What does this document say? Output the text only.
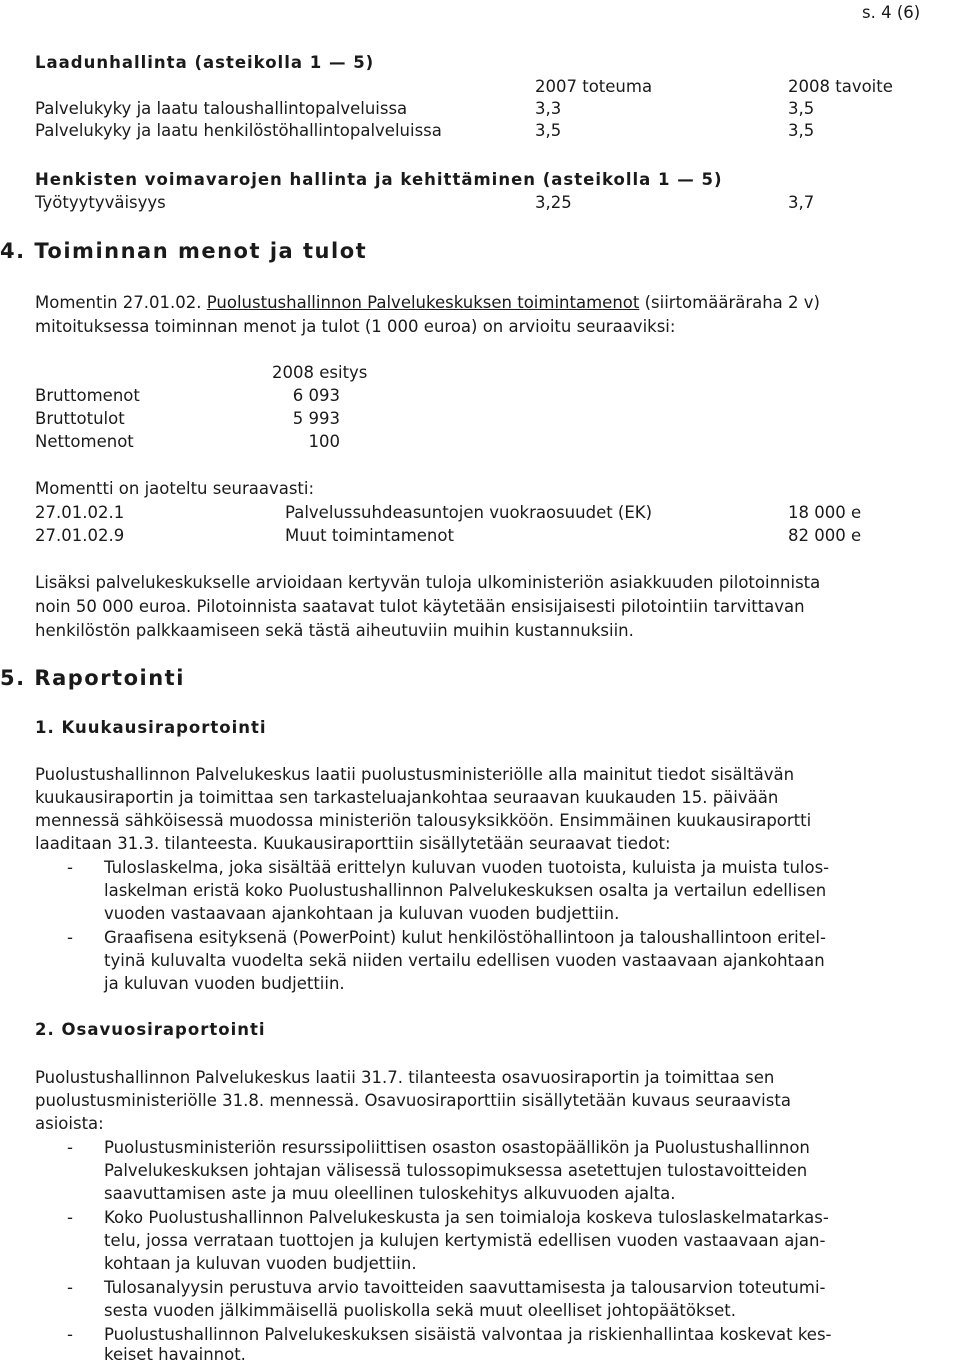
s. 4 (6)
Laadunhallinta (asteikolla 1 — 5)
2007 toteuma	2008 tavoite
Palvelukyky ja laatu taloushallintopalveluissa	3,3	3,5
Palvelukyky ja laatu henkilöstöhallintopalveluissa	3,5	3,5
Henkisten voimavarojen hallinta ja kehittäminen (asteikolla 1 — 5)
Työtyytyväisyys	3,25	3,7
4. Toiminnan menot ja tulot
Momentin 27.01.02. Puolustushallinnon Palvelukeskuksen toimintamenot (siirtomääräraha 2 v)
mitoituksessa toiminnan menot ja tulot (1 000 euroa) on arvioitu seuraaviksi:
2008 esitys
Bruttomenot	6 093
Bruttotulot	5 993
Nettomenot	100
Momentti on jaoteltu seuraavasti:
27.01.02.1	Palvelussuhdeasuntojen vuokraosuudet (EK)	18 000 e
27.01.02.9	Muut toimintamenot	82 000 e
Lisäksi palvelukeskukselle arvioidaan kertyvän tuloja ulkoministeriön asiakkuuden pilotoinnista
noin 50 000 euroa. Pilotoinnista saatavat tulot käytetään ensisijaisesti pilotointiin tarvittavan
henkilöstön palkkaamiseen sekä tästä aiheutuviin muihin kustannuksiin.
5. Raportointi
1. Kuukausiraportointi
Puolustushallinnon Palvelukeskus laatii puolustusministeriölle alla mainitut tiedot sisältävän
kuukausiraportin ja toimittaa sen tarkasteluajankohtaa seuraavan kuukauden 15. päivään
mennessä sähköisessä muodossa ministeriön talousyksikköön. Ensimmäinen kuukausiraportti
laaditaan 31.3. tilanteesta. Kuukausiraporttiin sisällytetään seuraavat tiedot:
- Tuloslaskelma, joka sisältää erittelyn kuluvan vuoden tuotoista, kuluista ja muista tulos-
laskelman eristä koko Puolustushallinnon Palvelukeskuksen osalta ja vertailun edellisen
vuoden vastaavaan ajankohtaan ja kuluvan vuoden budjettiin.
- Graafisena esityksenä (PowerPoint) kulut henkilöstöhallintoon ja taloushallintoon eritel-
tyinä kuluvalta vuodelta sekä niiden vertailu edellisen vuoden vastaavaan ajankohtaan
ja kuluvan vuoden budjettiin.
2. Osavuosiraportointi
Puolustushallinnon Palvelukeskus laatii 31.7. tilanteesta osavuosiraportin ja toimittaa sen
puolustusministeriölle 31.8. mennessä. Osavuosiraporttiin sisällytetään kuvaus seuraavista
asioista:
- Puolustusministeriön resurssipoliittisen osaston osastopäällikön ja Puolustushallinnon
Palvelukeskuksen johtajan välisessä tulossopimuksessa asetettujen tulostavoitteiden
saavuttamisen aste ja muu oleellinen tuloskehitys alkuvuoden ajalta.
- Koko Puolustushallinnon Palvelukeskusta ja sen toimialoja koskeva tuloslaskelmatarkas-
telu, jossa verrataan tuottojen ja kulujen kertymistä edellisen vuoden vastaavaan ajan-
kohtaan ja kuluvan vuoden budjettiin.
- Tulosanalyysin perustuva arvio tavoitteiden saavuttamisesta ja talousarvion toteutumi-
sesta vuoden jälkimmäisellä puoliskolla sekä muut oleelliset johtopäätökset.
- Puolustushallinnon Palvelukeskuksen sisäistä valvontaa ja riskienhallintaa koskevat kes-
keiset havainnot.
